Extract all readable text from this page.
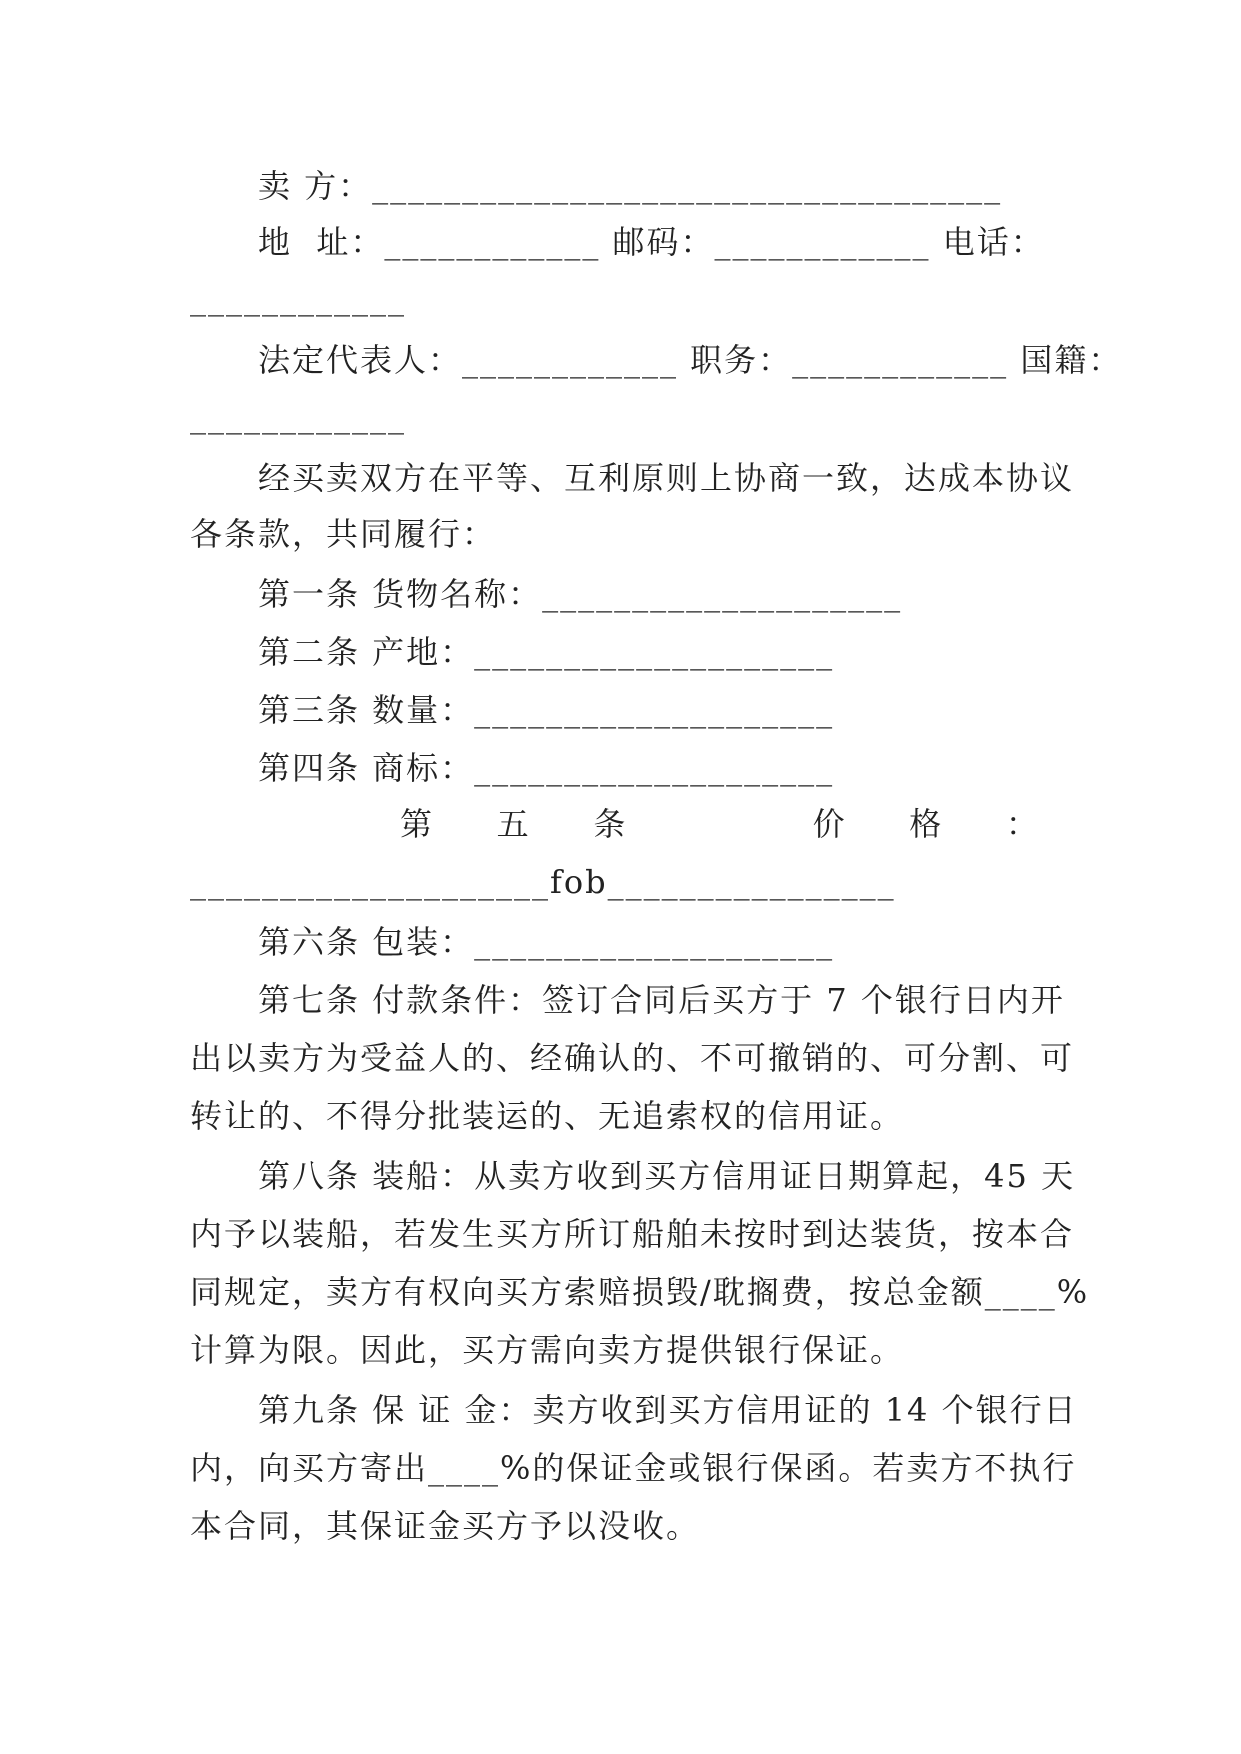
卖 方：___________________________________
地  址：____________ 邮码：____________ 电话：
____________
法定代表人：____________ 职务：____________ 国籍：
____________
经买卖双方在平等、互利原则上协商一致，达成本协议
各条款，共同履行：
第一条 货物名称：____________________
第二条 产地：____________________
第三条 数量：____________________
第四条 商标：____________________
第 五 条	价 格 ：
____________________fob________________
第六条 包装：____________________
第七条 付款条件：签订合同后买方于 7 个银行日内开
出以卖方为受益人的、经确认的、不可撤销的、可分割、可
转让的、不得分批装运的、无追索权的信用证。
第八条 装船：从卖方收到买方信用证日期算起，45 天
内予以装船，若发生买方所订船舶未按时到达装货，按本合
同规定，卖方有权向买方索赔损毁/耽搁费，按总金额____%
计算为限。因此，买方需向卖方提供银行保证。
第九条 保 证 金：卖方收到买方信用证的 14 个银行日
内，向买方寄出____%的保证金或银行保函。若卖方不执行
本合同，其保证金买方予以没收。
